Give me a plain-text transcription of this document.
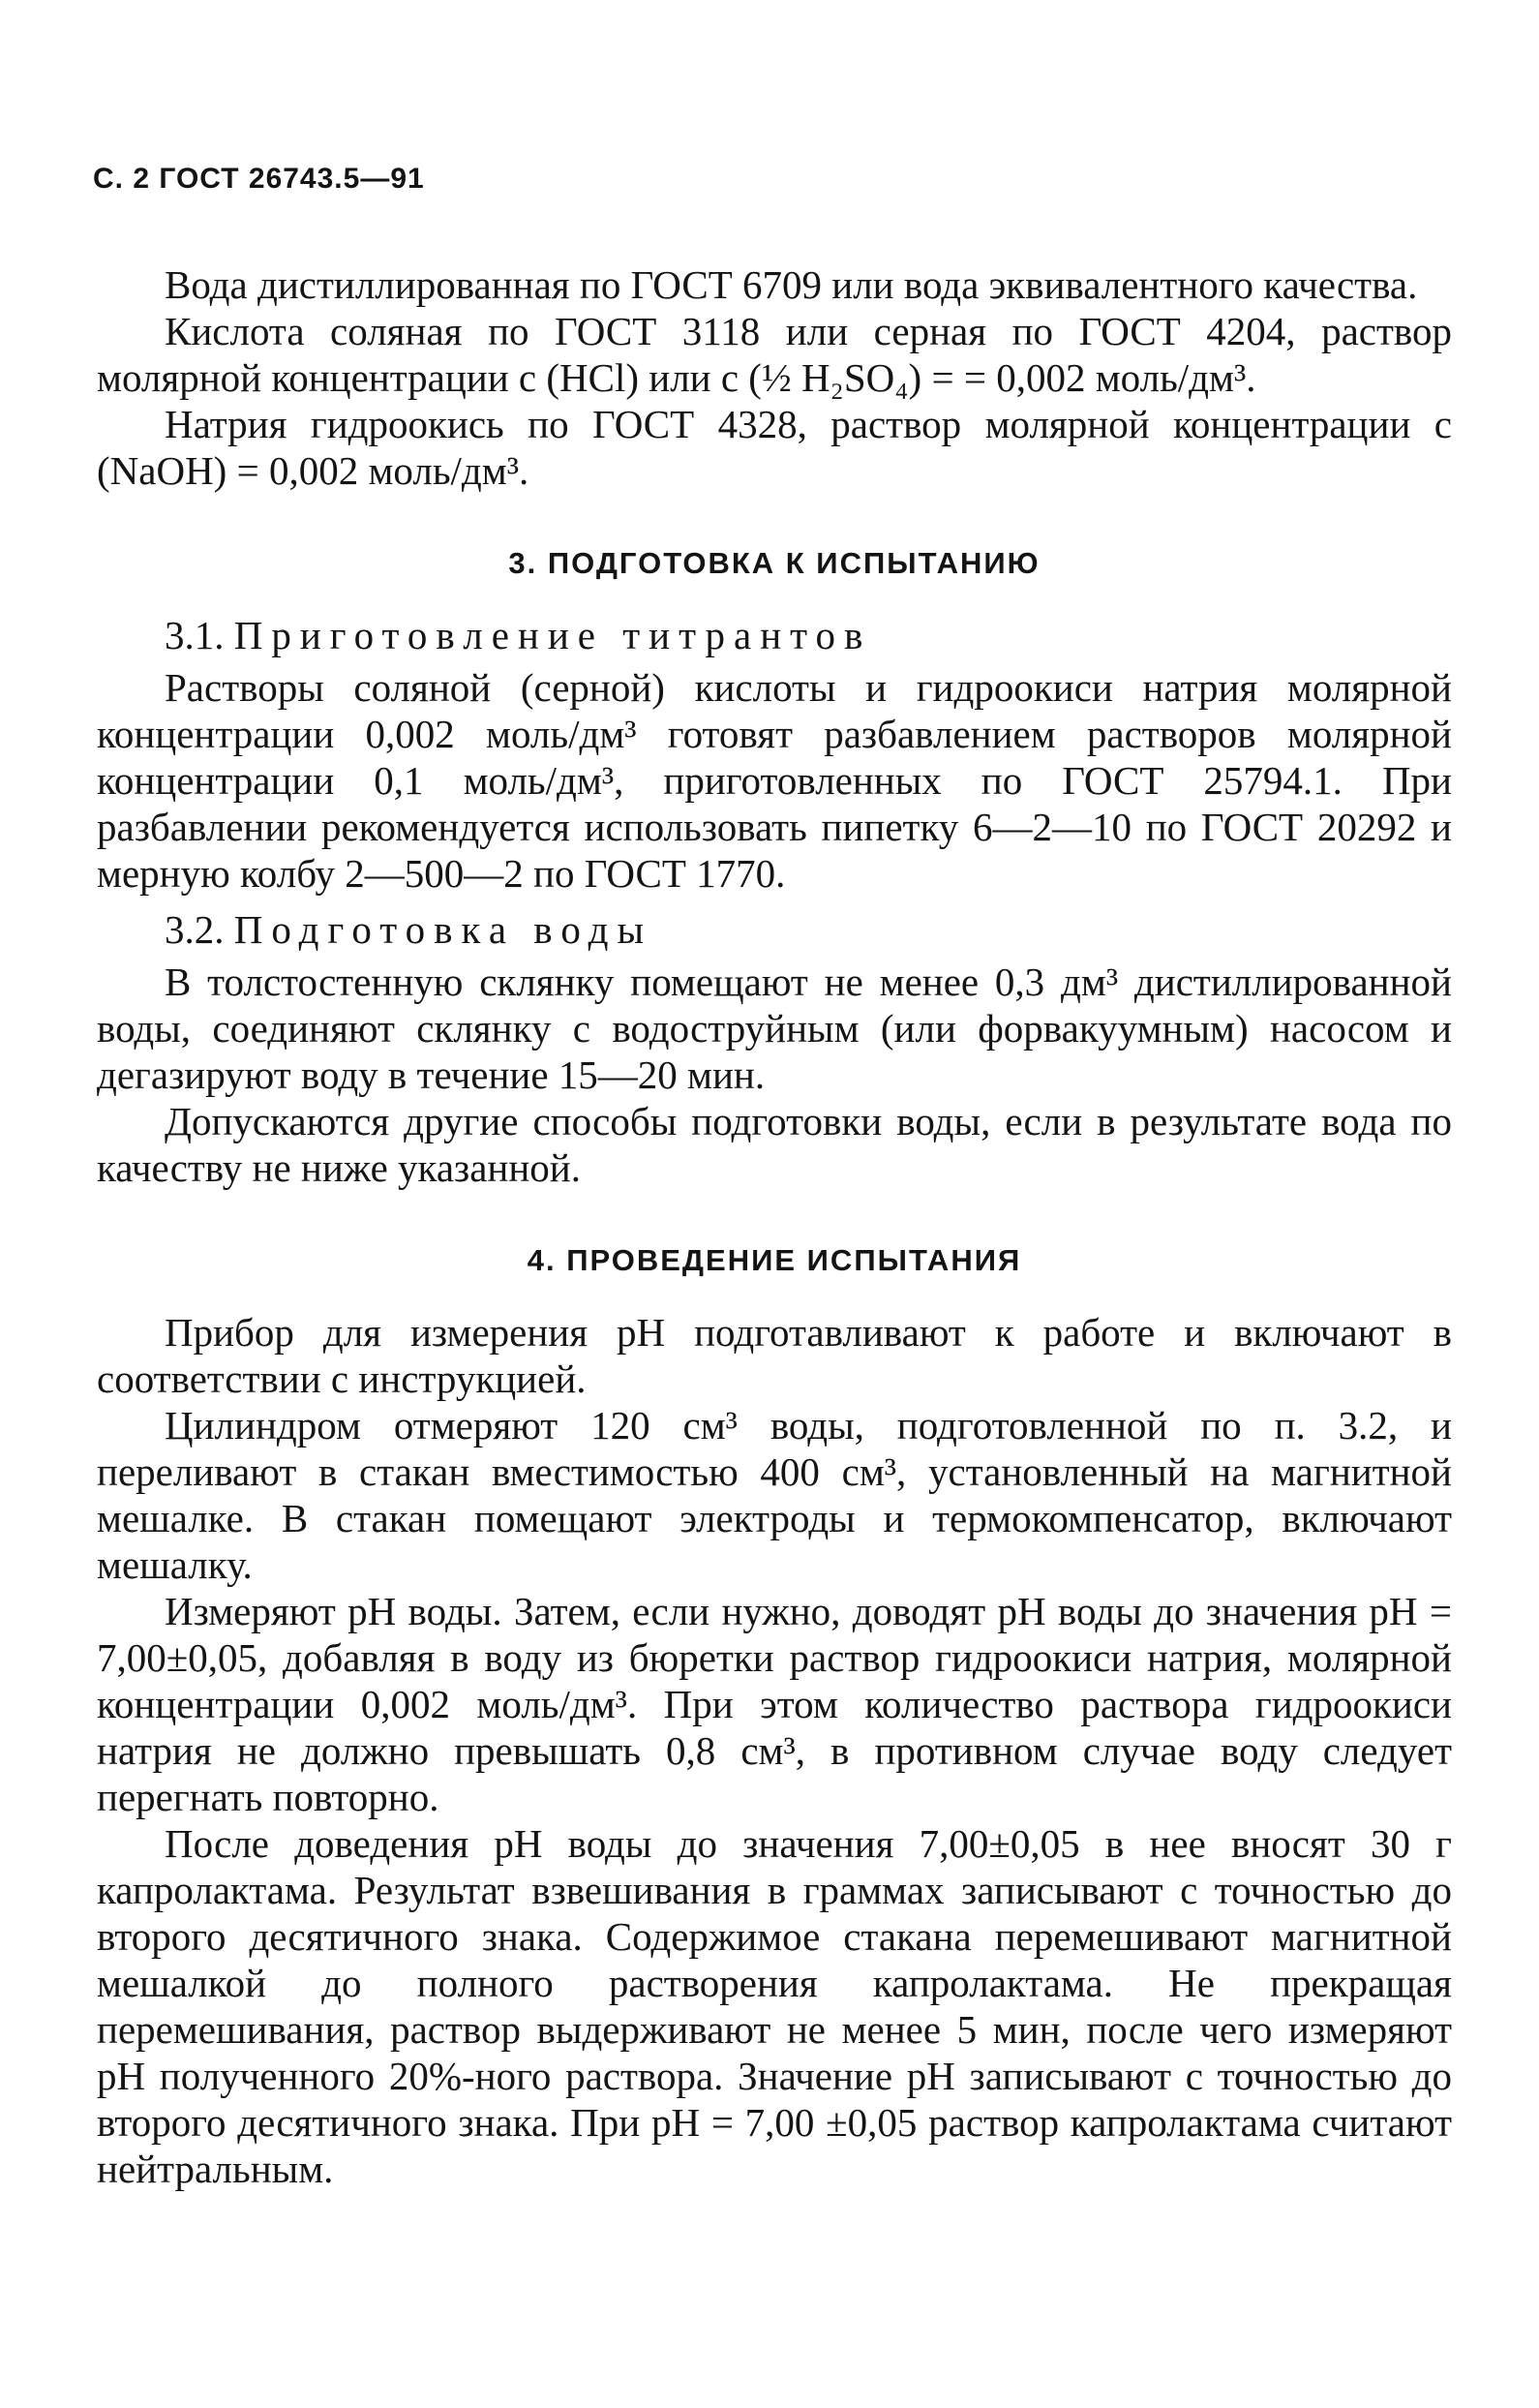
С. 2 ГОСТ 26743.5—91

Вода дистиллированная по ГОСТ 6709 или вода эквивалентного качества.

Кислота соляная по ГОСТ 3118 или серная по ГОСТ 4204, раствор молярной концентрации c (HCl) или c (½ H₂SO₄) = = 0,002 моль/дм³.

Натрия гидроокись по ГОСТ 4328, раствор молярной концентрации c (NaOH) = 0,002 моль/дм³.

3. ПОДГОТОВКА К ИСПЫТАНИЮ
3.1. Приготовление титрантов

Растворы соляной (серной) кислоты и гидроокиси натрия молярной концентрации 0,002 моль/дм³ готовят разбавлением растворов молярной концентрации 0,1 моль/дм³, приготовленных по ГОСТ 25794.1. При разбавлении рекомендуется использовать пипетку 6—2—10 по ГОСТ 20292 и мерную колбу 2—500—2 по ГОСТ 1770.

3.2. Подготовка воды

В толстостенную склянку помещают не менее 0,3 дм³ дистиллированной воды, соединяют склянку с водоструйным (или форвакуумным) насосом и дегазируют воду в течение 15—20 мин.

Допускаются другие способы подготовки воды, если в результате вода по качеству не ниже указанной.

4. ПРОВЕДЕНИЕ ИСПЫТАНИЯ

Прибор для измерения pH подготавливают к работе и включают в соответствии с инструкцией.

Цилиндром отмеряют 120 см³ воды, подготовленной по п. 3.2, и переливают в стакан вместимостью 400 см³, установленный на магнитной мешалке. В стакан помещают электроды и термокомпенсатор, включают мешалку.

Измеряют pH воды. Затем, если нужно, доводят pH воды до значения pH = 7,00±0,05, добавляя в воду из бюретки раствор гидроокиси натрия, молярной концентрации 0,002 моль/дм³. При этом количество раствора гидроокиси натрия не должно превышать 0,8 см³, в противном случае воду следует перегнать повторно.

После доведения pH воды до значения 7,00±0,05 в нее вносят 30 г капролактама. Результат взвешивания в граммах записывают с точностью до второго десятичного знака. Содержимое стакана перемешивают магнитной мешалкой до полного растворения капролактама. Не прекращая перемешивания, раствор выдерживают не менее 5 мин, после чего измеряют pH полученного 20%-ного раствора. Значение pH записывают с точностью до второго десятичного знака. При pH = 7,00 ±0,05 раствор капролактама считают нейтральным.
